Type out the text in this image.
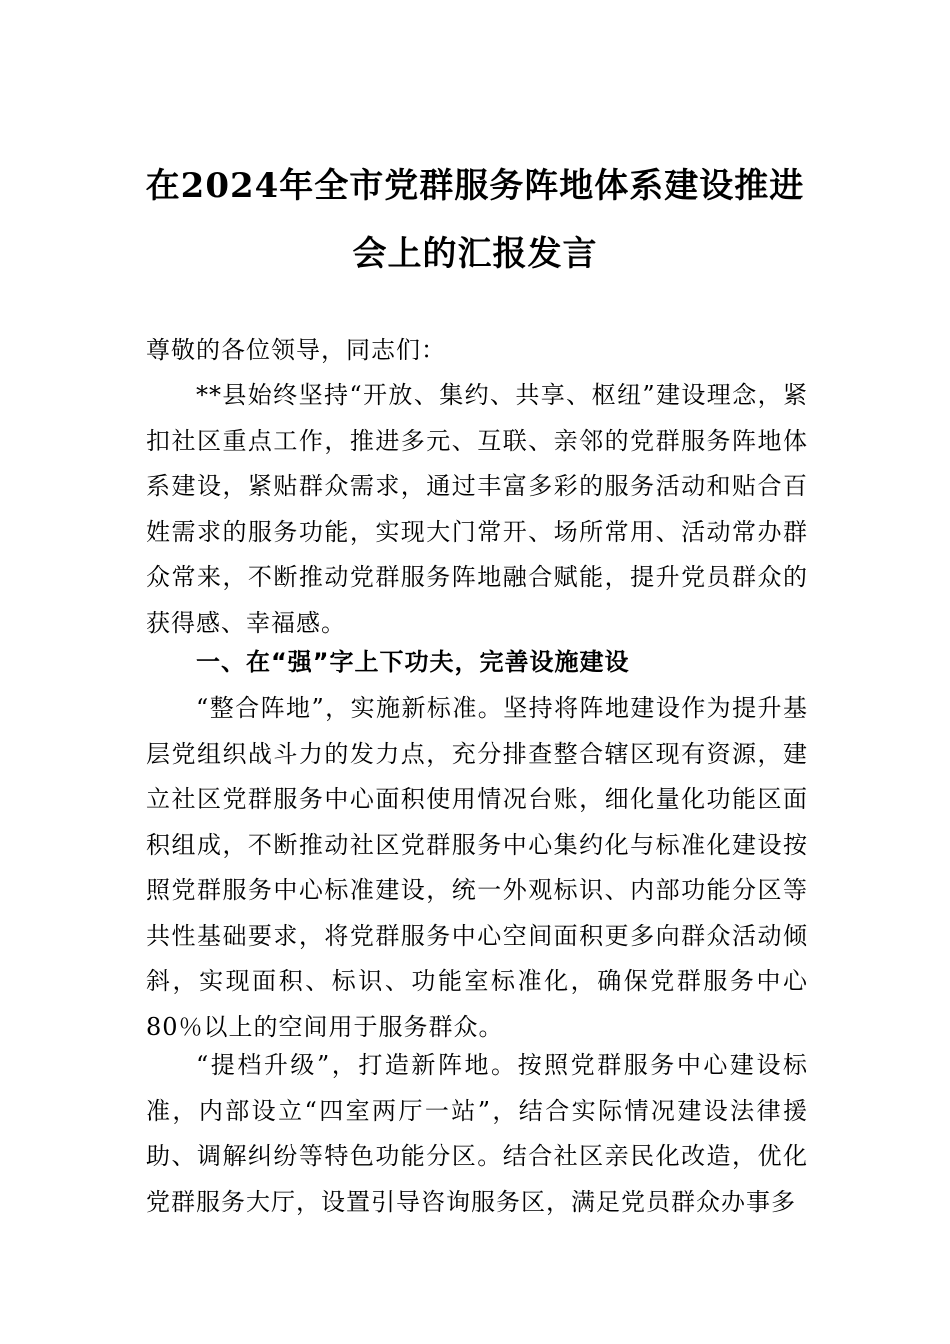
在2024年全市党群服务阵地体系建设推进
会上的汇报发言
尊敬的各位领导，同志们：
**县始终坚持“开放、集约、共享、枢纽”建设理念，紧扣社区重点工作，推进多元、互联、亲邻的党群服务阵地体系建设，紧贴群众需求，通过丰富多彩的服务活动和贴合百姓需求的服务功能，实现大门常开、场所常用、活动常办群众常来，不断推动党群服务阵地融合赋能，提升党员群众的获得感、幸福感。
一、在“强”字上下功夫，完善设施建设
“整合阵地”，实施新标准。坚持将阵地建设作为提升基层党组织战斗力的发力点，充分排查整合辖区现有资源，建立社区党群服务中心面积使用情况台账，细化量化功能区面积组成，不断推动社区党群服务中心集约化与标准化建设按照党群服务中心标准建设，统一外观标识、内部功能分区等共性基础要求，将党群服务中心空间面积更多向群众活动倾斜，实现面积、标识、功能室标准化，确保党群服务中心80％以上的空间用于服务群众。
“提档升级”，打造新阵地。按照党群服务中心建设标准，内部设立“四室两厅一站”，结合实际情况建设法律援助、调解纠纷等特色功能分区。结合社区亲民化改造，优化党群服务大厅，设置引导咨询服务区，满足党员群众办事多
